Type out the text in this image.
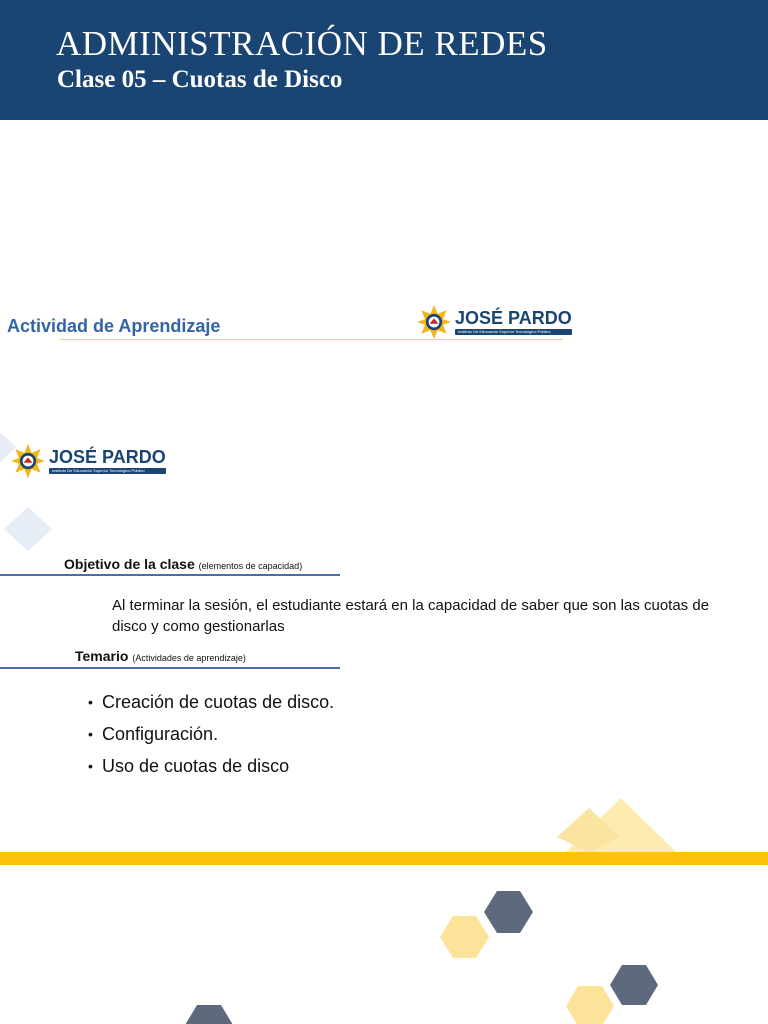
ADMINISTRACIÓN DE REDES
Clase 05 – Cuotas de Disco
Actividad de Aprendizaje	JOSÉ PARDO
Instituto De Educación Superior Tecnológico Público
JOSÉ PARDO
Instituto De Educación Superior Tecnológico Público
Objetivo de la clase (elementos de capacidad)
Al terminar la sesión, el estudiante estará en la capacidad de saber que son las cuotas de disco y como gestionarlas
Temario (Actividades de aprendizaje)
• Creación de cuotas de disco.
• Configuración.
• Uso de cuotas de disco
